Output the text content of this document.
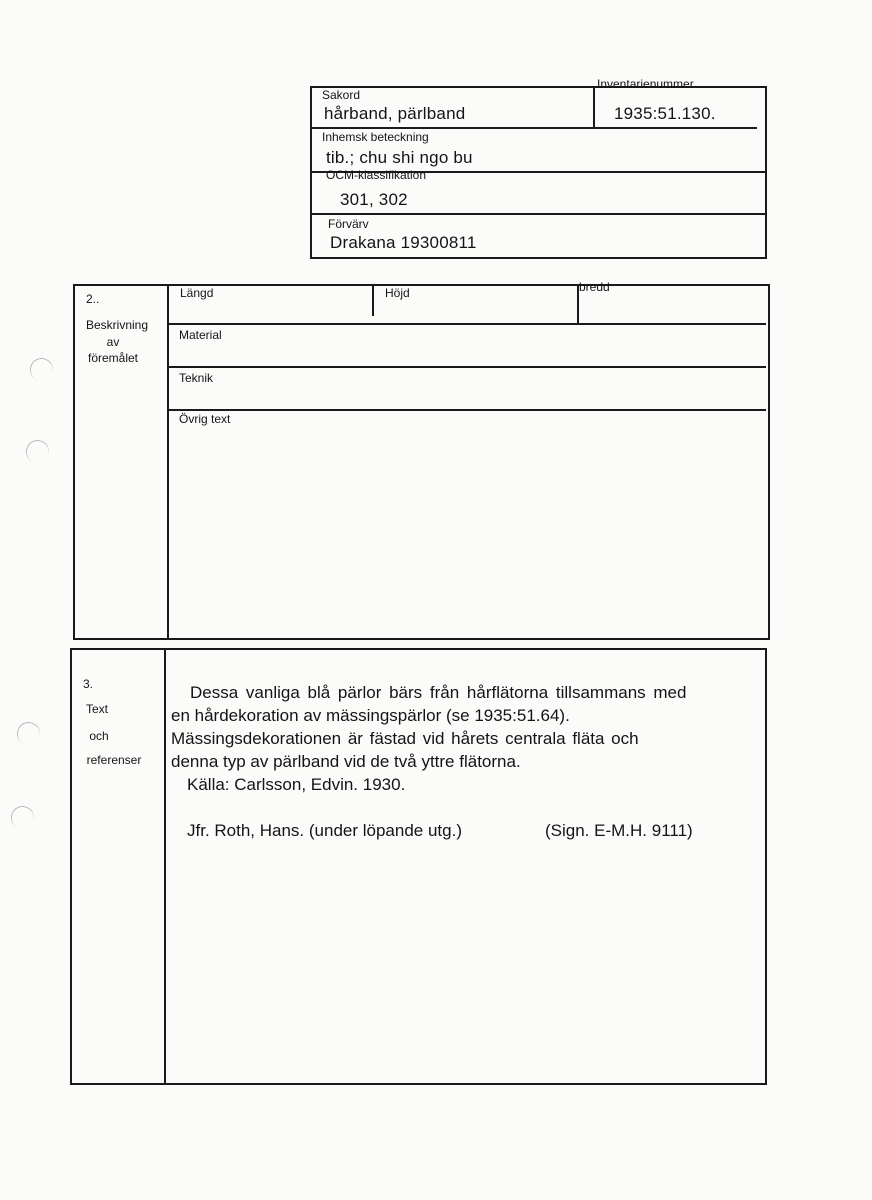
Sakord
hårband, pärlband
Inventarienummer
1935:51.130.
Inhemsk beteckning
tib.; chu shi ngo bu
OCM-klassifikation
301, 302
Förvärv
Drakana 19300811
2..
Beskrivning
av
föremålet
Längd	Höjd	bredd
Material
Teknik
Övrig text
3.
Text
och
referenser
Dessa vanliga blå pärlor bärs från hårflätorna tillsammans med
en hårdekoration av mässingspärlor (se 1935:51.64).
Mässingsdekorationen är fästad vid hårets centrala fläta och
denna typ av pärlband vid de två yttre flätorna.
Källa: Carlsson, Edvin. 1930.
Jfr. Roth, Hans. (under löpande utg.)	(Sign. E-M.H. 9111)
